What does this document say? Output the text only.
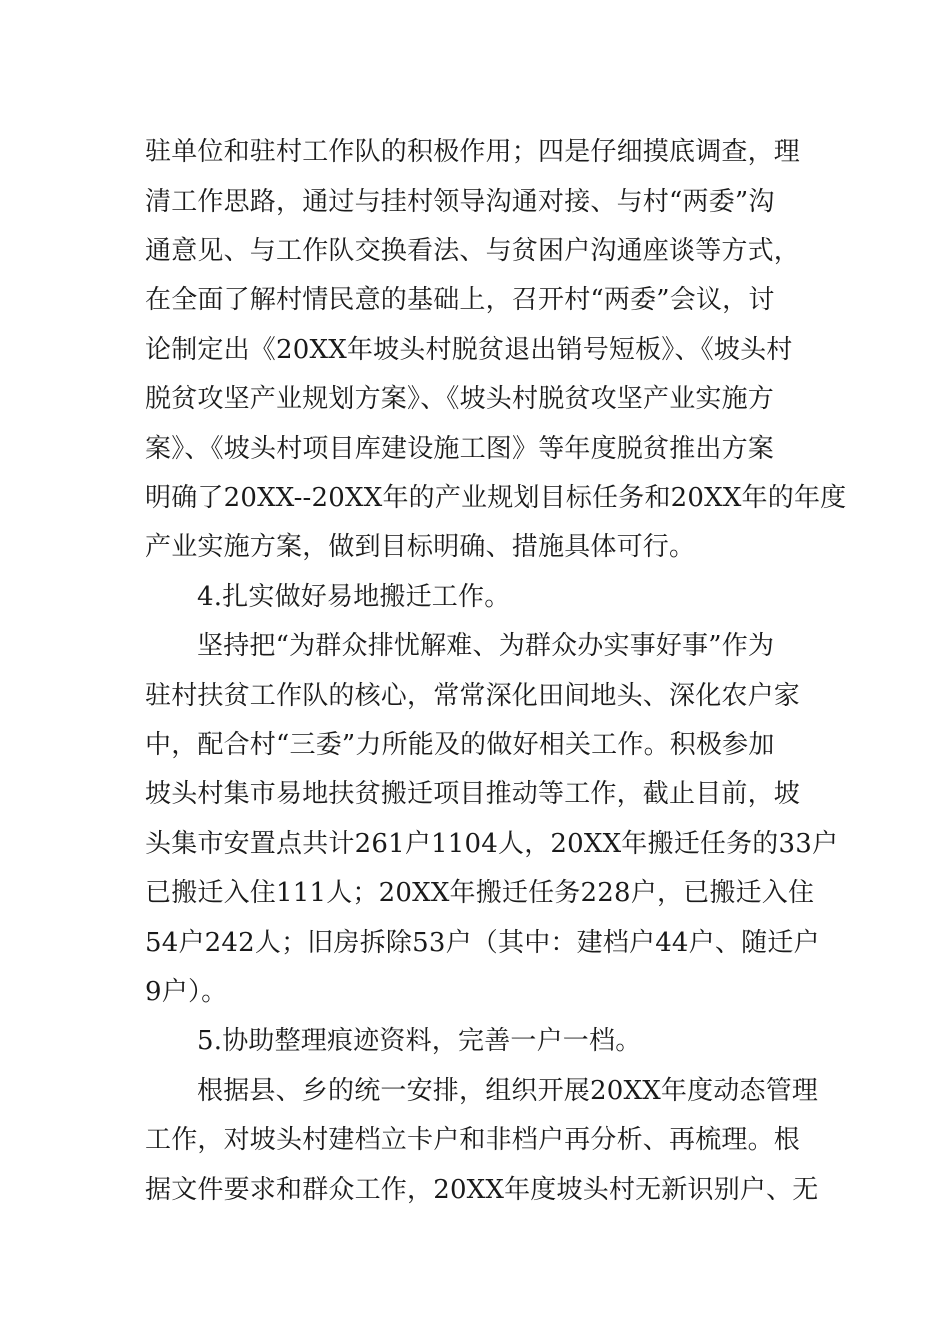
驻单位和驻村工作队的积极作用；四是仔细摸底调查，理
清工作思路，通过与挂村领导沟通对接、与村“两委”沟
通意见、与工作队交换看法、与贫困户沟通座谈等方式，
在全面了解村情民意的基础上，召开村“两委”会议，讨
论制定出《20XX年坡头村脱贫退出销号短板》、《坡头村
脱贫攻坚产业规划方案》、《坡头村脱贫攻坚产业实施方
案》、《坡头村项目库建设施工图》等年度脱贫推出方案
明确了20XX--20XX年的产业规划目标任务和20XX年的年度
产业实施方案，做到目标明确、措施具体可行。
4.扎实做好易地搬迁工作。
坚持把“为群众排忧解难、为群众办实事好事”作为
驻村扶贫工作队的核心，常常深化田间地头、深化农户家
中，配合村“三委”力所能及的做好相关工作。积极参加
坡头村集市易地扶贫搬迁项目推动等工作，截止目前，坡
头集市安置点共计261户1104人，20XX年搬迁任务的33户
已搬迁入住111人；20XX年搬迁任务228户，已搬迁入住
54户242人；旧房拆除53户（其中：建档户44户、随迁户
9户）。
5.协助整理痕迹资料，完善一户一档。
根据县、乡的统一安排，组织开展20XX年度动态管理
工作，对坡头村建档立卡户和非档户再分析、再梳理。根
据文件要求和群众工作，20XX年度坡头村无新识别户、无
